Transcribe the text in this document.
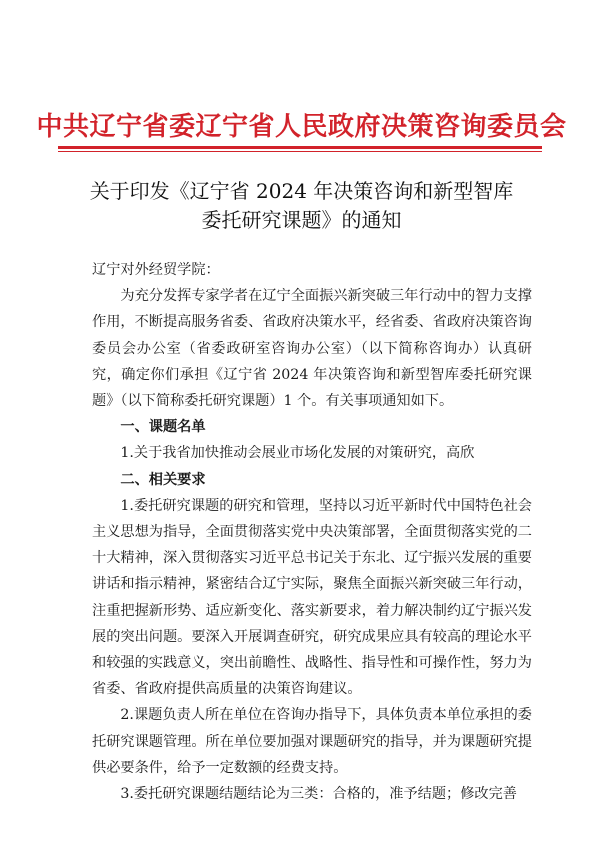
中共辽宁省委辽宁省人民政府决策咨询委员会
关于印发《辽宁省 2024 年决策咨询和新型智库
委托研究课题》的通知

辽宁对外经贸学院：

为充分发挥专家学者在辽宁全面振兴新突破三年行动中的智力支撑作用，不断提高服务省委、省政府决策水平，经省委、省政府决策咨询委员会办公室（省委政研室咨询办公室）（以下简称咨询办）认真研究，确定你们承担《辽宁省 2024 年决策咨询和新型智库委托研究课题》（以下简称委托研究课题）1 个。有关事项通知如下。

一、课题名单

1.关于我省加快推动会展业市场化发展的对策研究，高欣

二、相关要求

1.委托研究课题的研究和管理，坚持以习近平新时代中国特色社会主义思想为指导，全面贯彻落实党中央决策部署，全面贯彻落实党的二十大精神，深入贯彻落实习近平总书记关于东北、辽宁振兴发展的重要讲话和指示精神，紧密结合辽宁实际，聚焦全面振兴新突破三年行动，注重把握新形势、适应新变化、落实新要求，着力解决制约辽宁振兴发展的突出问题。要深入开展调查研究，研究成果应具有较高的理论水平和较强的实践意义，突出前瞻性、战略性、指导性和可操作性，努力为省委、省政府提供高质量的决策咨询建议。

2.课题负责人所在单位在咨询办指导下，具体负责本单位承担的委托研究课题管理。所在单位要加强对课题研究的指导，并为课题研究提供必要条件，给予一定数额的经费支持。

3.委托研究课题结题结论为三类：合格的，准予结题；修改完善
